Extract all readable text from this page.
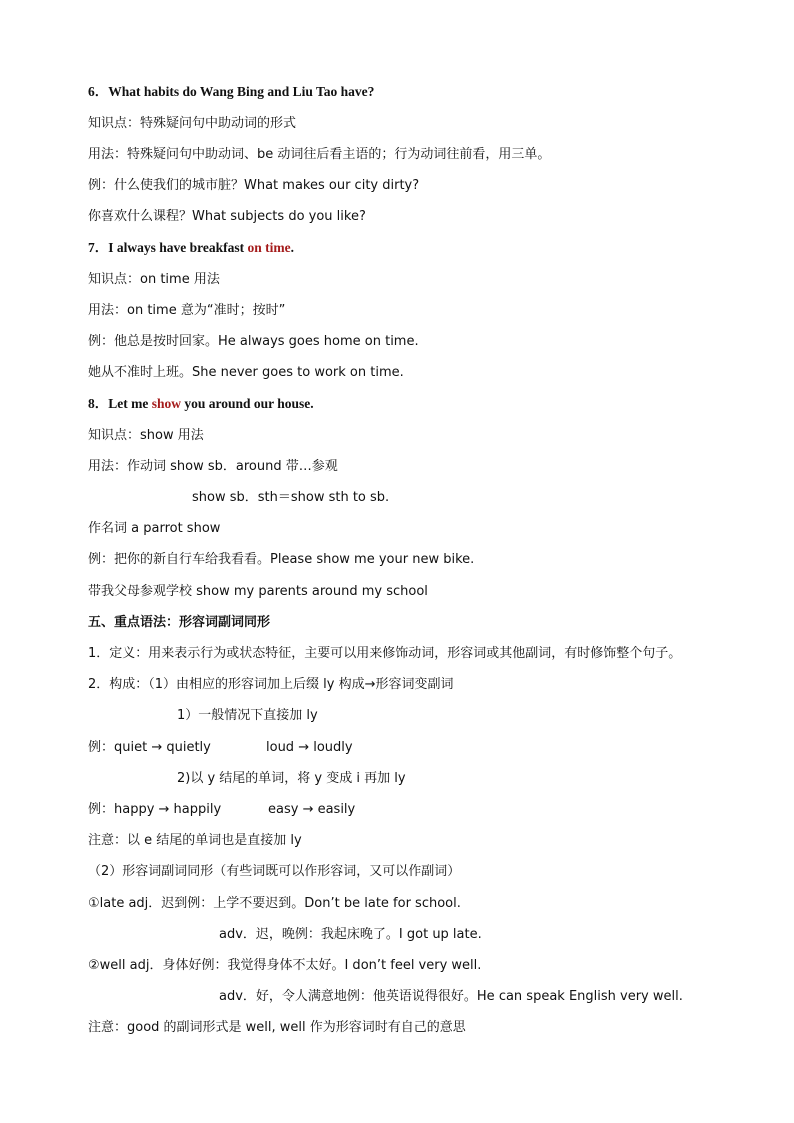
6．What habits do Wang Bing and Liu Tao have?
知识点：特殊疑问句中助动词的形式
用法：特殊疑问句中助动词、be 动词往后看主语的；行为动词往前看，用三单。
例：什么使我们的城市脏？What makes our city dirty?
你喜欢什么课程？What subjects do you like?
7．I always have breakfast on time.
知识点：on time 用法
用法：on time 意为“准时；按时”
例：他总是按时回家。He always goes home on time.
她从不准时上班。She never goes to work on time.
8．Let me show you around our house.
知识点：show 用法
用法：作动词 show sb．around 带…参观
show sb．sth＝show sth to sb.
作名词 a parrot show
例：把你的新自行车给我看看。Please show me your new bike.
带我父母参观学校 show my parents around my school
五、重点语法：形容词副词同形
1．定义：用来表示行为或状态特征，主要可以用来修饰动词，形容词或其他副词，有时修饰整个句子。
2．构成：（1）由相应的形容词加上后缀 ly 构成→形容词变副词
1）一般情况下直接加 ly
例：quiet → quietly	loud → loudly
2)以 y 结尾的单词，将 y 变成 i 再加 ly
例：happy → happily	easy → easily
注意：以 e 结尾的单词也是直接加 ly
（2）形容词副词同形（有些词既可以作形容词，又可以作副词）
①late adj．迟到例：上学不要迟到。Don’t be late for school.
adv．迟，晚例：我起床晚了。I got up late.
②well adj．身体好例：我觉得身体不太好。I don’t feel very well.
adv．好，令人满意地例：他英语说得很好。He can speak English very well.
注意：good 的副词形式是 well, well 作为形容词时有自己的意思
